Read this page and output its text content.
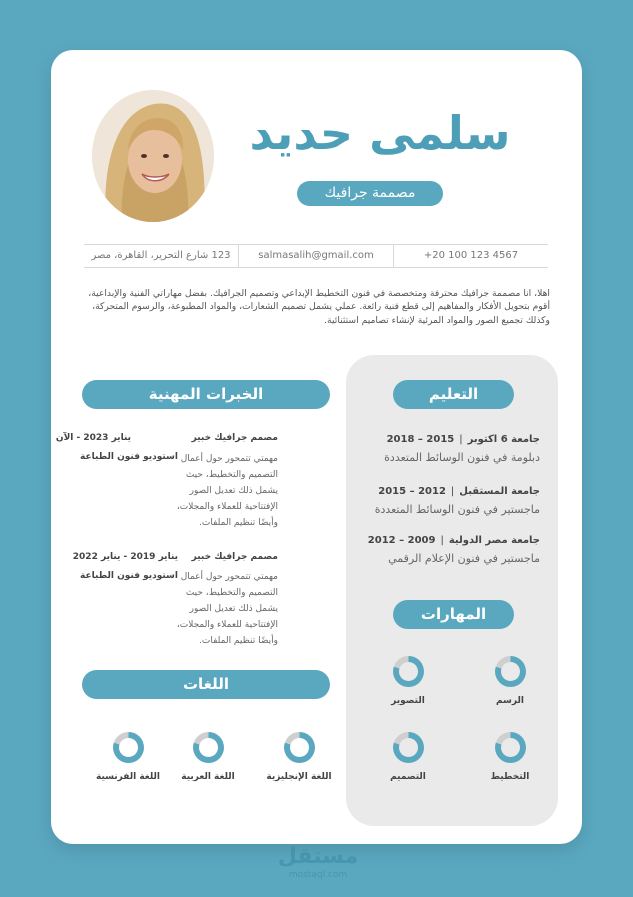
سلمى حديد
مصممة جرافيك
+20 100 123 4567
salmasalih@gmail.com
123 شارع التحرير، القاهرة، مصر

اهلا، انا مصممة جرافيك محترفة ومتخصصة في فنون التخطيط الإبداعي وتصميم الجرافيك. بفضل مهاراتي الفنية والإبداعية، أقوم بتحويل الأفكار والمفاهيم إلى قطع فنية رائعة. عملي يشمل تصميم الشعارات، والمواد المطبوعة، والرسوم المتحركة، وكذلك تجميع الصور والمواد المرئية لإنشاء تصاميم استثنائية.

التعليم
جامعة 6 اكتوبر|2015 – 2018
دبلومة في فنون الوسائط المتعددة
جامعة المستقبل|2012 – 2015
ماجستير في فنون الوسائط المتعددة
جامعة مصر الدولية|2009 – 2012
ماجستير في فنون الإعلام الرقمي
المهارات
الرسم
التصوير
التخطيط
التصميم
الخبرات المهنية
مصمم جرافيك خبير
يناير 2023 - الآن
استوديو فنون الطباعة مهمتي تتمحور حول أعمال التصميم والتخطيط، حيث يشمل ذلك تعديل الصور الإفتتاحية للعملاء والمجلات، وأيضًا تنظيم الملفات.
مصمم جرافيك خبير
يناير 2019 - يناير 2022
استوديو فنون الطباعة مهمتي تتمحور حول أعمال التصميم والتخطيط، حيث يشمل ذلك تعديل الصور الإفتتاحية للعملاء والمجلات، وأيضًا تنظيم الملفات.
اللغات
اللغة الإنجليزية
اللغة العربية
اللغة الفرنسية
مستقل
mostaql.com
